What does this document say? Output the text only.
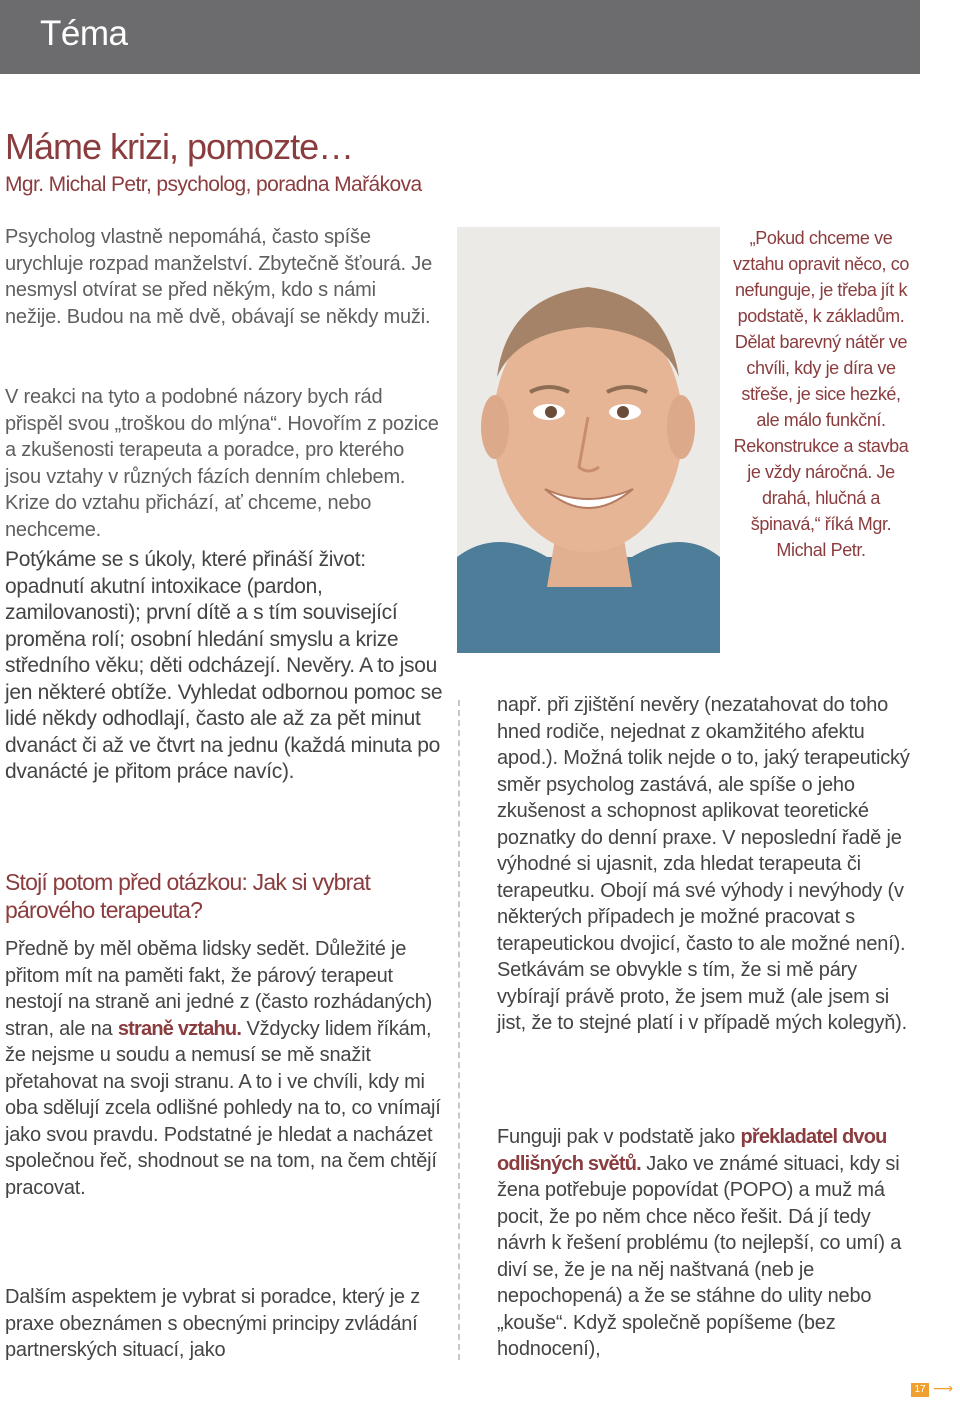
Téma
Máme krizi, pomozte…
Mgr. Michal Petr, psycholog, poradna Mařákova

Psycholog vlastně nepomáhá, často spíše urychluje rozpad manželství. Zbytečně šťourá. Je nesmysl otvírat se před někým, kdo s námi nežije. Budou na mě dvě, obávají se někdy muži.

V reakci na tyto a podobné názory bych rád přispěl svou „troškou do mlýna“. Hovořím z pozice a zkušenosti terapeuta a poradce, pro kterého jsou vztahy v různých fázích denním chlebem. Krize do vztahu přichází, ať chceme, nebo nechceme.

Potýkáme se s úkoly, které přináší život: opadnutí akutní intoxikace (pardon, zamilovanosti); první dítě a s tím související proměna rolí; osobní hledání smyslu a krize středního věku; děti odcházejí. Nevěry. A to jsou jen některé obtíže. Vyhledat odbornou pomoc se lidé někdy odhodlají, často ale až za pět minut dvanáct či až ve čtvrt na jednu (každá minuta po dvanácté je přitom práce navíc).

Stojí potom před otázkou: Jak si vybrat párového terapeuta?

Předně by měl oběma lidsky sedět. Důležité je přitom mít na paměti fakt, že párový terapeut nestojí na straně ani jedné z (často rozhádaných) stran, ale na straně vztahu. Vždycky lidem říkám, že nejsme u soudu a nemusí se mě snažit přetahovat na svoji stranu. A to i ve chvíli, kdy mi oba sdělují zcela odlišné pohledy na to, co vnímají jako svou pravdu. Podstatné je hledat a nacházet společnou řeč, shodnout se na tom, na čem chtějí pracovat.

Dalším aspektem je vybrat si poradce, který je z praxe obeznámen s obecnými principy zvládání partnerských situací, jako

„Pokud chceme ve vztahu opravit něco, co nefunguje, je třeba jít k podstatě, k základům. Dělat barevný nátěr ve chvíli, kdy je díra ve střeše, je sice hezké, ale málo funkční. Rekonstrukce a stavba je vždy náročná. Je drahá, hlučná a špinavá,“ říká Mgr. Michal Petr.

např. při zjištění nevěry (nezatahovat do toho hned rodiče, nejednat z okamžitého afektu apod.). Možná tolik nejde o to, jaký terapeutický směr psycholog zastává, ale spíše o jeho zkušenost a schopnost aplikovat teoretické poznatky do denní praxe. V neposlední řadě je výhodné si ujasnit, zda hledat terapeuta či terapeutku. Obojí má své výhody i nevýhody (v některých případech je možné pracovat s terapeutickou dvojicí, často to ale možné není). Setkávám se obvykle s tím, že si mě páry vybírají právě proto, že jsem muž (ale jsem si jist, že to stejné platí i v případě mých kolegyň).

Funguji pak v podstatě jako překladatel dvou odlišných světů. Jako ve známé situaci, kdy si žena potřebuje popovídat (POPO) a muž má pocit, že po něm chce něco řešit. Dá jí tedy návrh k řešení problému (to nejlepší, co umí) a diví se, že je na něj naštvaná (neb je nepochopená) a že se stáhne do ulity nebo „kouše“. Když společně popíšeme (bez hodnocení),

17 ⟶
